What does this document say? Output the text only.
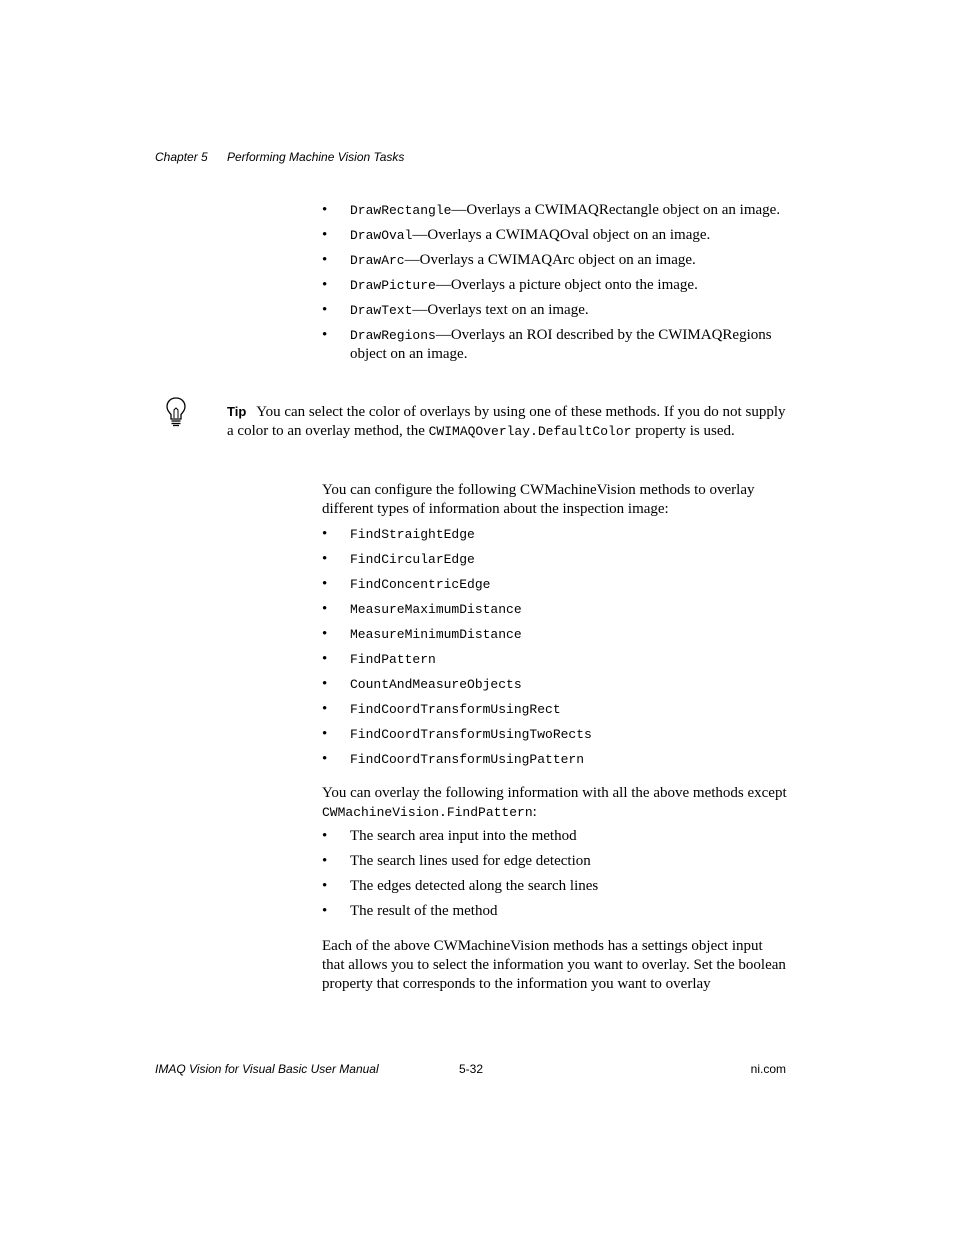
Chapter 5 Performing Machine Vision Tasks
• DrawRectangle—Overlays a CWIMAQRectangle object on an image.
• DrawOval—Overlays a CWIMAQOval object on an image.
• DrawArc—Overlays a CWIMAQArc object on an image.
• DrawPicture—Overlays a picture object onto the image.
• DrawText—Overlays text on an image.
• DrawRegions—Overlays an ROI described by the CWIMAQRegions object on an image.

Tip You can select the color of overlays by using one of these methods. If you do not supply a color to an overlay method, the CWIMAQOverlay.DefaultColor property is used.

You can configure the following CWMachineVision methods to overlay different types of information about the inspection image:

• FindStraightEdge
• FindCircularEdge
• FindConcentricEdge
• MeasureMaximumDistance
• MeasureMinimumDistance
• FindPattern
• CountAndMeasureObjects
• FindCoordTransformUsingRect
• FindCoordTransformUsingTwoRects
• FindCoordTransformUsingPattern

You can overlay the following information with all the above methods except CWMachineVision.FindPattern:

• The search area input into the method
• The search lines used for edge detection
• The edges detected along the search lines
• The result of the method

Each of the above CWMachineVision methods has a settings object input that allows you to select the information you want to overlay. Set the boolean property that corresponds to the information you want to overlay

IMAQ Vision for Visual Basic User Manual	5-32	ni.com
